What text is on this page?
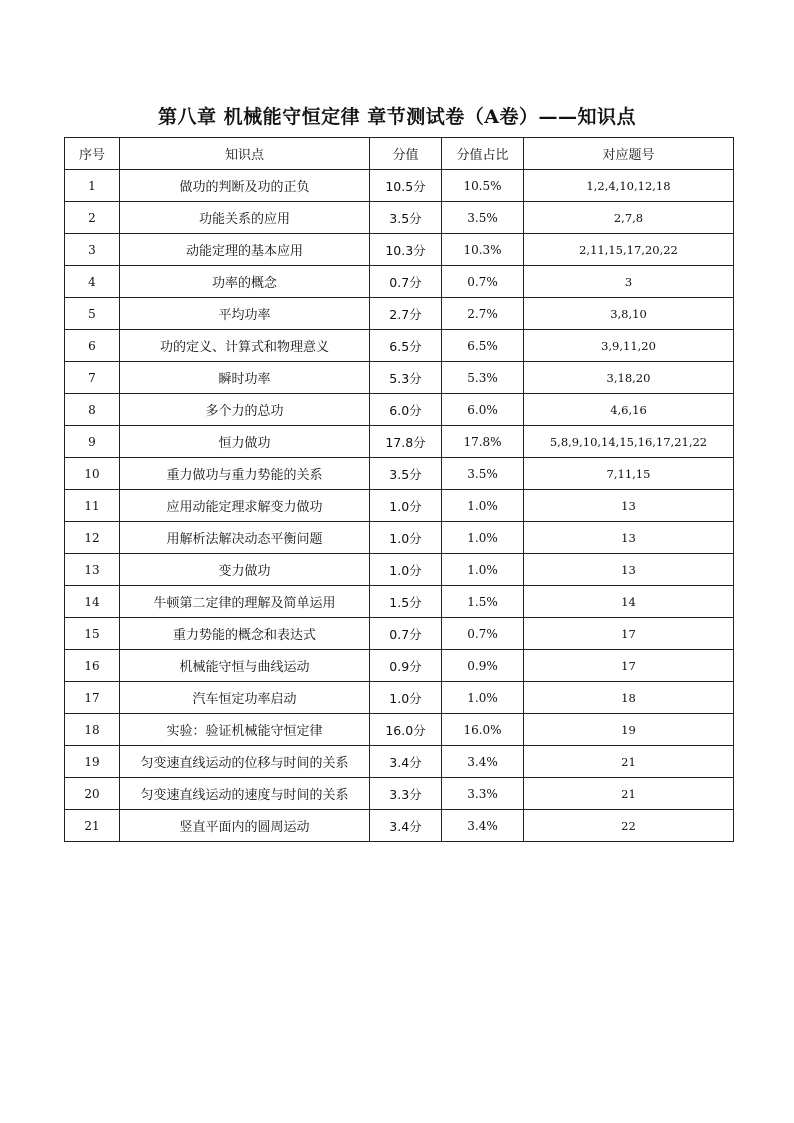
第八章 机械能守恒定律 章节测试卷（A卷）——知识点
序号	知识点	分值	分值占比	对应题号
1	做功的判断及功的正负	10.5分	10.5%	1,2,4,10,12,18
2	功能关系的应用	3.5分	3.5%	2,7,8
3	动能定理的基本应用	10.3分	10.3%	2,11,15,17,20,22
4	功率的概念	0.7分	0.7%	3
5	平均功率	2.7分	2.7%	3,8,10
6	功的定义、计算式和物理意义	6.5分	6.5%	3,9,11,20
7	瞬时功率	5.3分	5.3%	3,18,20
8	多个力的总功	6.0分	6.0%	4,6,16
9	恒力做功	17.8分	17.8%	5,8,9,10,14,15,16,17,21,22
10	重力做功与重力势能的关系	3.5分	3.5%	7,11,15
11	应用动能定理求解变力做功	1.0分	1.0%	13
12	用解析法解决动态平衡问题	1.0分	1.0%	13
13	变力做功	1.0分	1.0%	13
14	牛顿第二定律的理解及简单运用	1.5分	1.5%	14
15	重力势能的概念和表达式	0.7分	0.7%	17
16	机械能守恒与曲线运动	0.9分	0.9%	17
17	汽车恒定功率启动	1.0分	1.0%	18
18	实验：验证机械能守恒定律	16.0分	16.0%	19
19	匀变速直线运动的位移与时间的关系	3.4分	3.4%	21
20	匀变速直线运动的速度与时间的关系	3.3分	3.3%	21
21	竖直平面内的圆周运动	3.4分	3.4%	22
